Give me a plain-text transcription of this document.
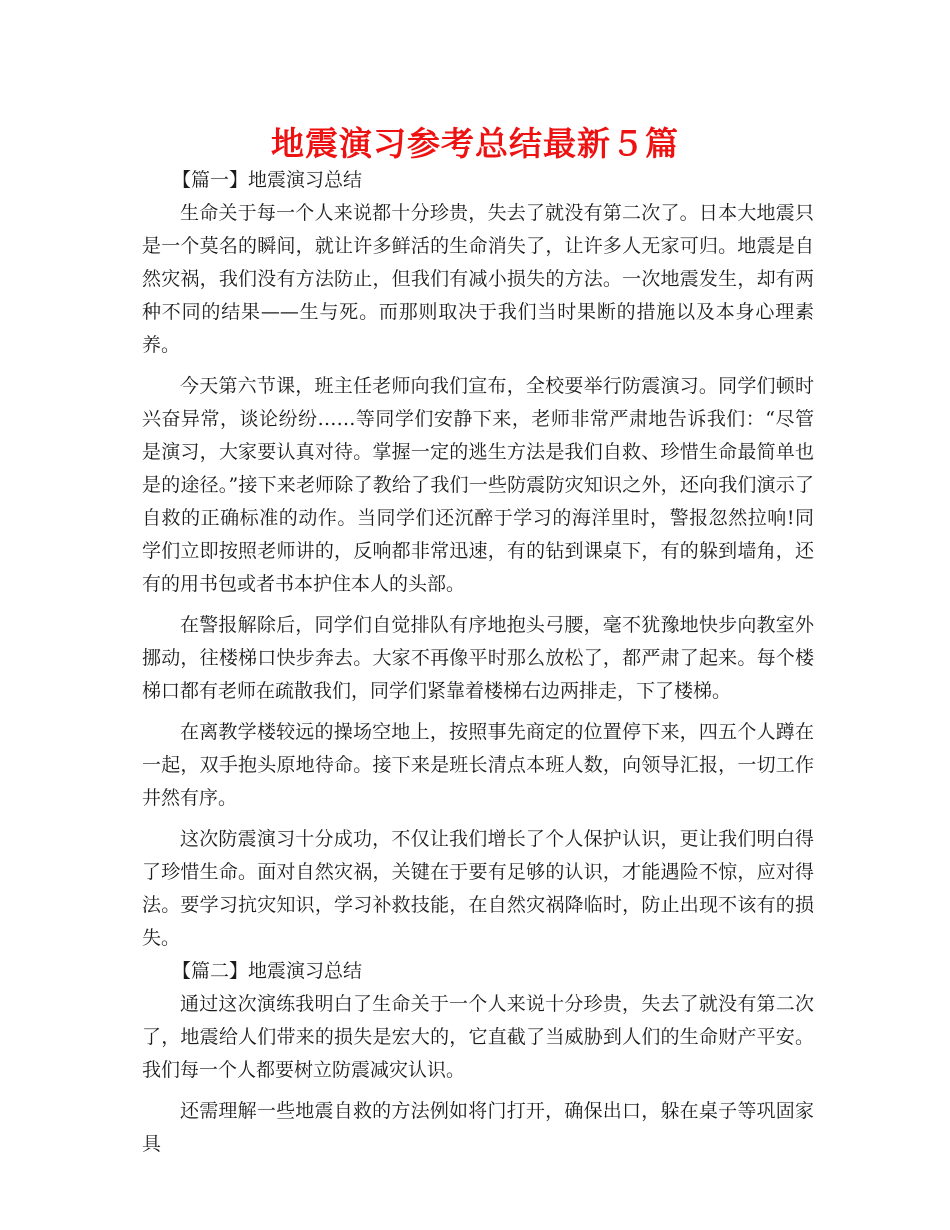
地震演习参考总结最新５篇
【篇一】地震演习总结

生命关于每一个人来说都十分珍贵，失去了就没有第二次了。日本大地震只是一个莫名的瞬间，就让许多鲜活的生命消失了，让许多人无家可归。地震是自然灾祸，我们没有方法防止，但我们有减小损失的方法。一次地震发生，却有两种不同的结果——生与死。而那则取决于我们当时果断的措施以及本身心理素养。

今天第六节课，班主任老师向我们宣布，全校要举行防震演习。同学们顿时兴奋异常，谈论纷纷……等同学们安静下来，老师非常严肃地告诉我们：“尽管是演习，大家要认真对待。掌握一定的逃生方法是我们自救、珍惜生命最简单也是的途径。”接下来老师除了教给了我们一些防震防灾知识之外，还向我们演示了自救的正确标准的动作。当同学们还沉醉于学习的海洋里时，警报忽然拉响!同学们立即按照老师讲的，反响都非常迅速，有的钻到课桌下，有的躲到墙角，还有的用书包或者书本护住本人的头部。

在警报解除后，同学们自觉排队有序地抱头弓腰，毫不犹豫地快步向教室外挪动，往楼梯口快步奔去。大家不再像平时那么放松了，都严肃了起来。每个楼梯口都有老师在疏散我们，同学们紧靠着楼梯右边两排走，下了楼梯。

在离教学楼较远的操场空地上，按照事先商定的位置停下来，四五个人蹲在一起，双手抱头原地待命。接下来是班长清点本班人数，向领导汇报，一切工作井然有序。

这次防震演习十分成功，不仅让我们增长了个人保护认识，更让我们明白得了珍惜生命。面对自然灾祸，关键在于要有足够的认识，才能遇险不惊，应对得法。要学习抗灾知识，学习补救技能，在自然灾祸降临时，防止出现不该有的损失。

【篇二】地震演习总结

通过这次演练我明白了生命关于一个人来说十分珍贵，失去了就没有第二次了，地震给人们带来的损失是宏大的，它直截了当威胁到人们的生命财产平安。我们每一个人都要树立防震减灾认识。

还需理解一些地震自救的方法例如将门打开，确保出口，躲在桌子等巩固家具
